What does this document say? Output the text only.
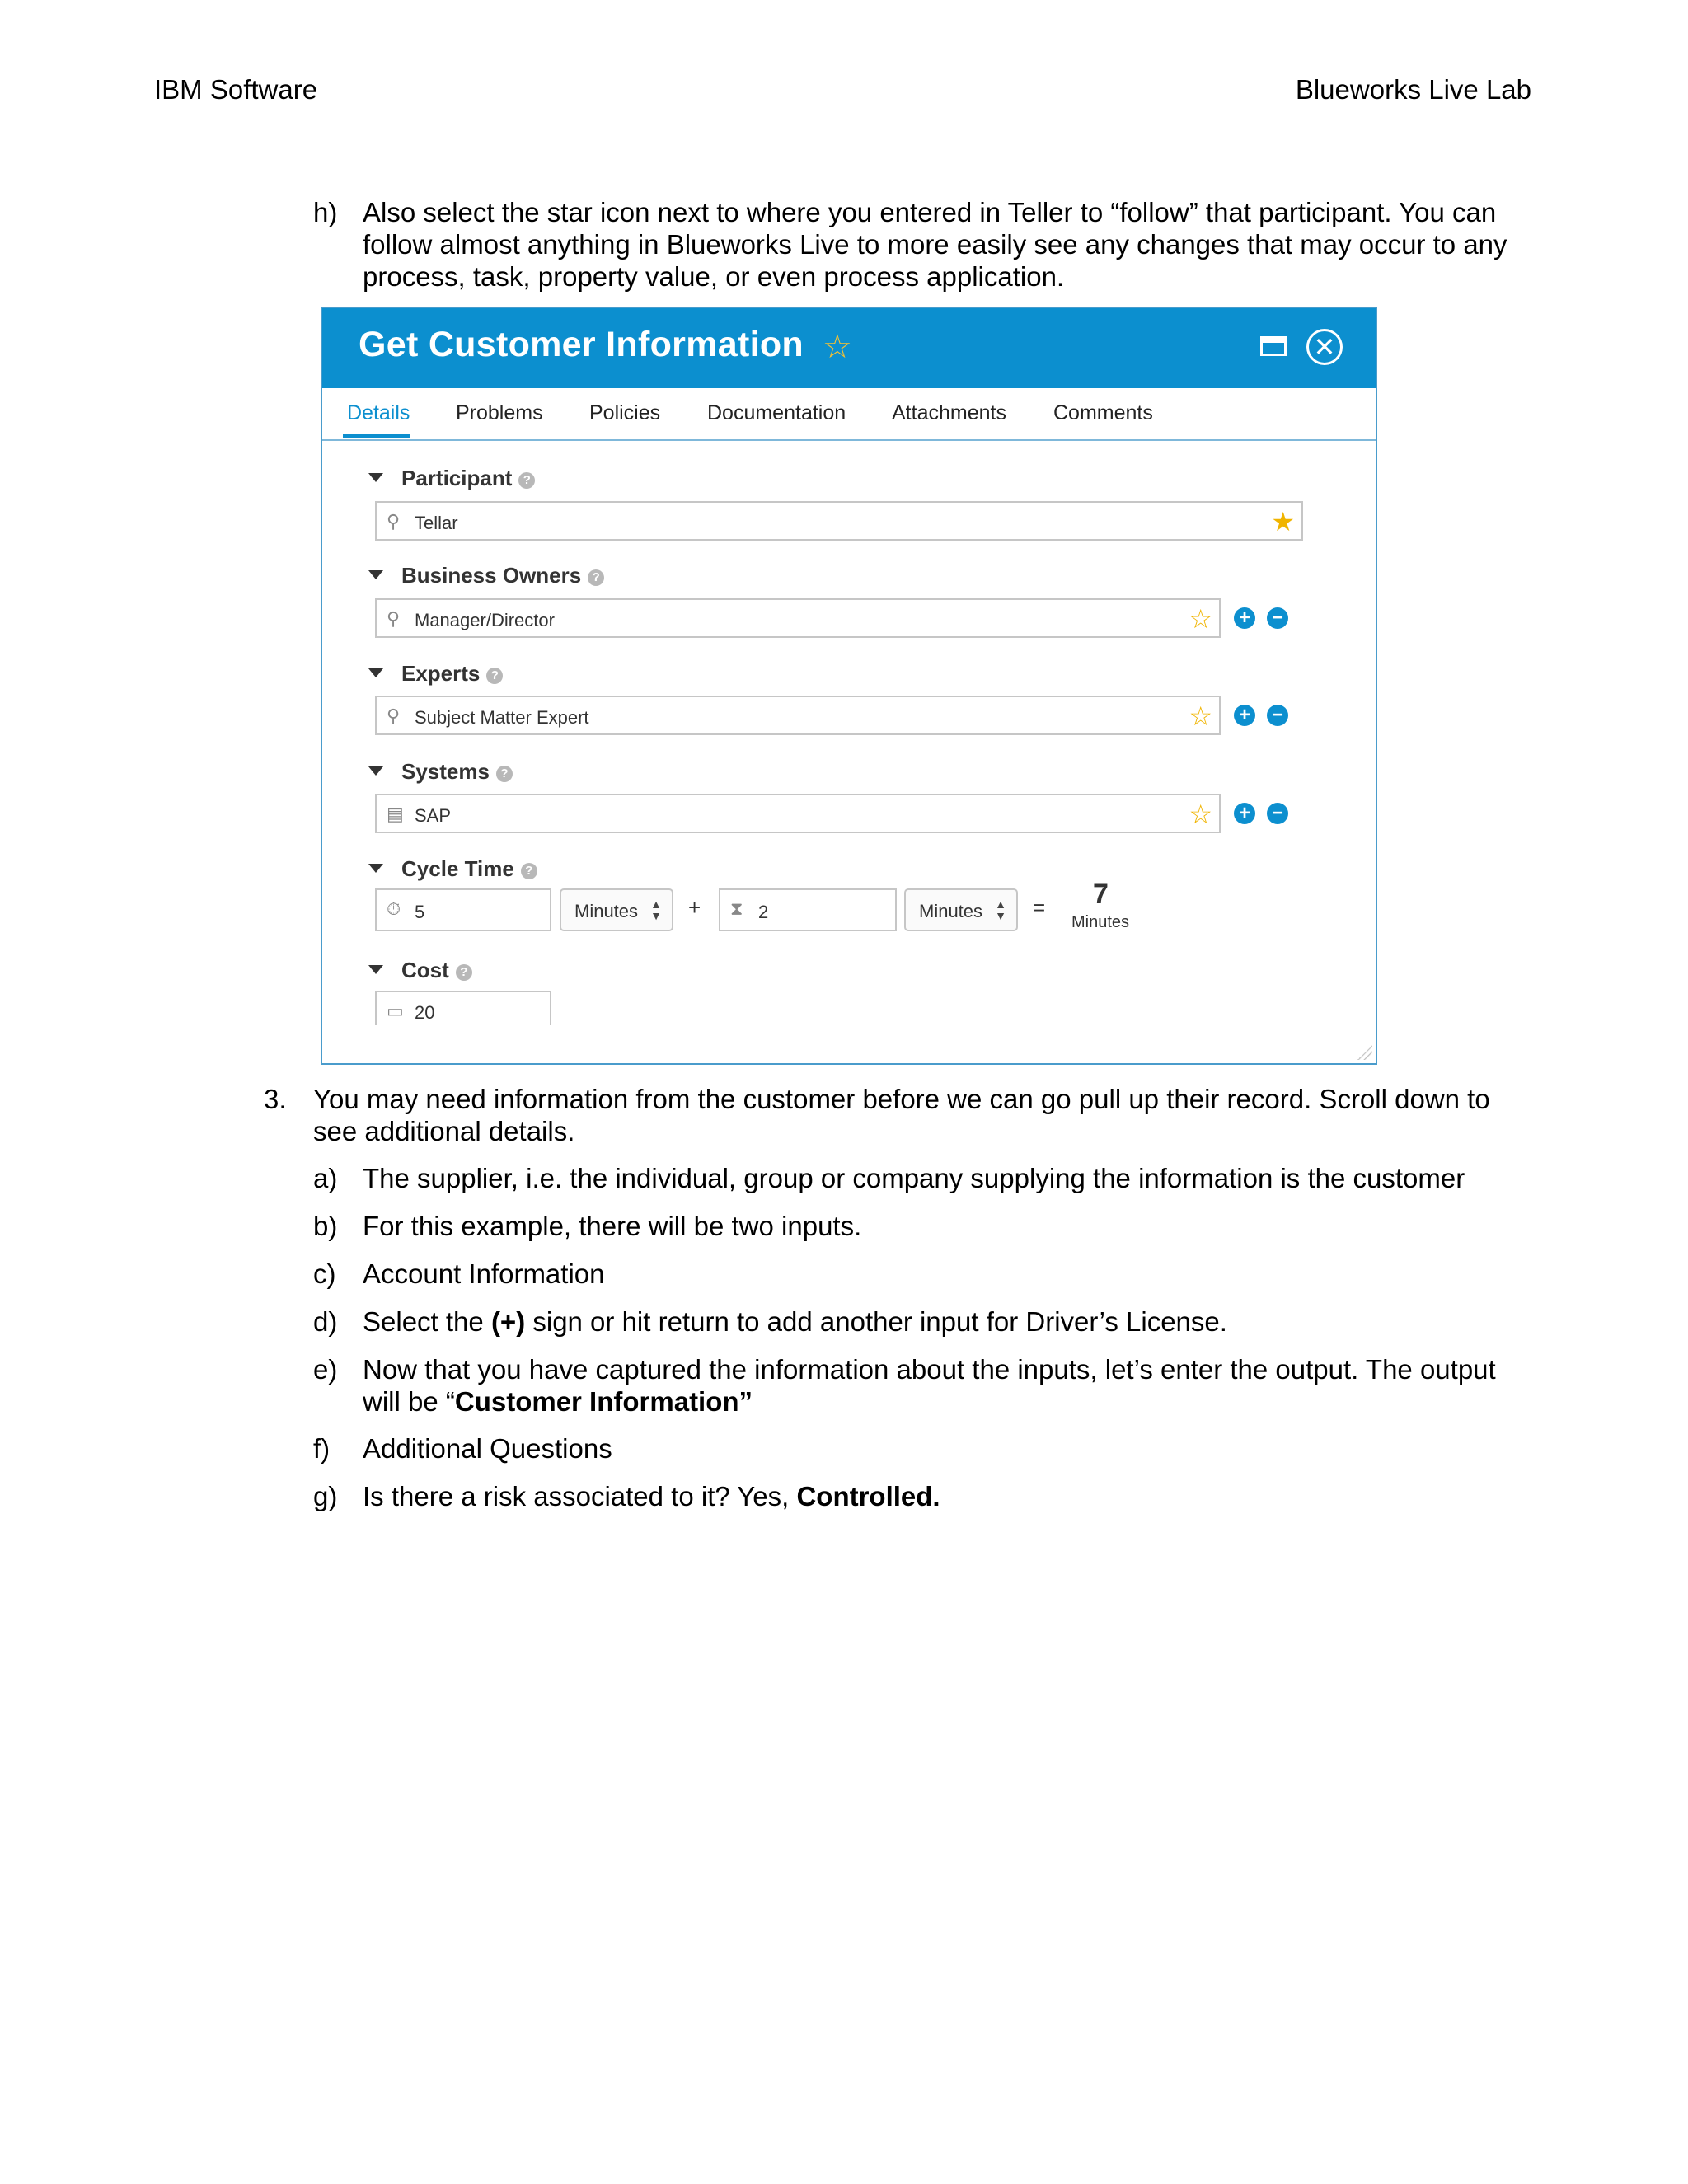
IBM Software	Blueworks Live Lab
h) Also select the star icon next to where you entered in Teller to “follow” that participant. You can
follow almost anything in Blueworks Live to more easily see any changes that may occur to any
process, task, property value, or even process application.
Get Customer Information ☆	✕
Details Problems Policies Documentation Attachments Comments
Participant ?
⚲ Tellar	★
Business Owners ?
⚲ Manager/Director	☆ + −
Experts ?
⚲ Subject Matter Expert	☆ + −
Systems ?
▤ SAP	☆ + −
Cycle Time ?
⏱ 5	Minutes ▲
▼ + ⧗ 2	Minutes ▲
▼ = 7
Minutes
Cost ?
▭ 20
3. You may need information from the customer before we can go pull up their record. Scroll down to
see additional details.
a) The supplier, i.e. the individual, group or company supplying the information is the customer
b) For this example, there will be two inputs.
c) Account Information
d) Select the (+) sign or hit return to add another input for Driver’s License.
e) Now that you have captured the information about the inputs, let’s enter the output. The output
will be “Customer Information”
f) Additional Questions
g) Is there a risk associated to it? Yes, Controlled.
